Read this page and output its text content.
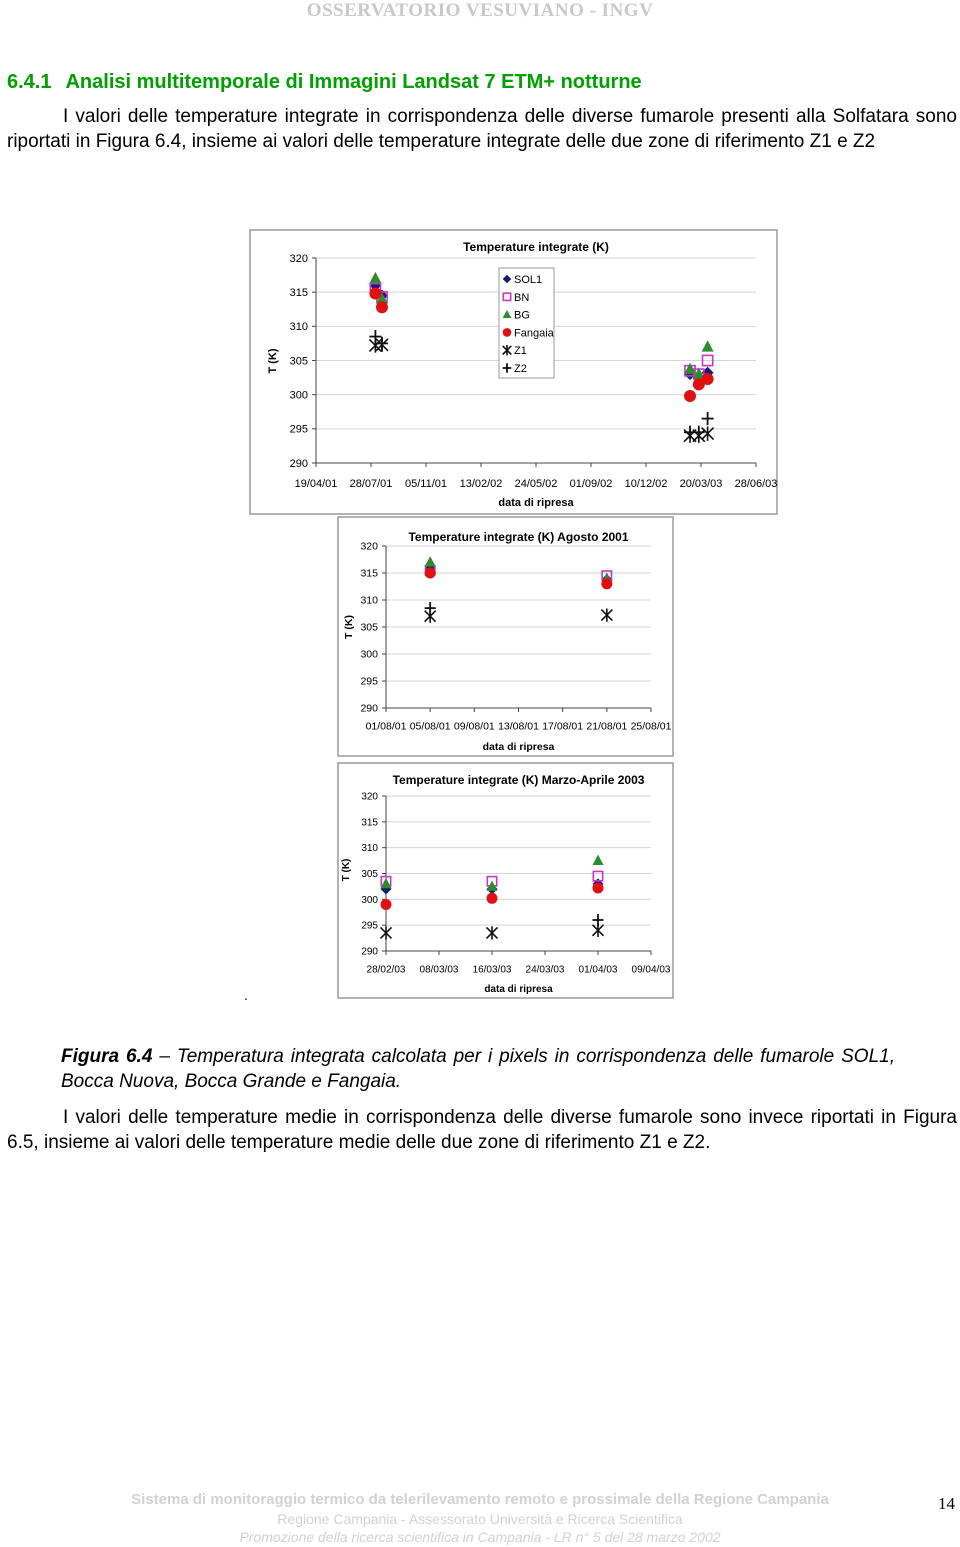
OSSERVATORIO VESUVIANO - INGV
6.4.1 Analisi multitemporale di Immagini Landsat 7 ETM+ notturne

I valori delle temperature integrate in corrispondenza delle diverse fumarole presenti alla Solfatara sono riportati in Figura 6.4, insieme ai valori delle temperature integrate delle due zone di riferimento Z1 e Z2

290
295
300
305
310
315
320
19/04/01 28/07/01 05/11/01 13/02/02 24/05/02 01/09/02 10/12/02 20/03/03 28/06/03
Temperature integrate (K)
data di ripresa
T (K)
SOL1
BN
BG
Fangaia
Z1
Z2
290
295
300
305
310
315
320
01/08/01 05/08/01 09/08/01 13/08/01 17/08/01 21/08/01 25/08/01
Temperature integrate (K) Agosto 2001
data di ripresa
T (K)
290
295
300
305
310
315
320
28/02/03 08/03/03 16/03/03 24/03/03 01/04/03 09/04/03
Temperature integrate (K) Marzo-Aprile 2003
data di ripresa
T (K)
.

Figura 6.4 – Temperatura integrata calcolata per i pixels in corrispondenza delle fumarole SOL1, Bocca Nuova, Bocca Grande e Fangaia.

I valori delle temperature medie in corrispondenza delle diverse fumarole sono invece riportati in Figura 6.5, insieme ai valori delle temperature medie delle due zone di riferimento Z1 e Z2.

Sistema di monitoraggio termico da telerilevamento remoto e prossimale della Regione Campania
Regione Campania - Assessorato Università e Ricerca Scientifica
Promozione della ricerca scientifica in Campania - LR n° 5 del 28 marzo 2002
14
